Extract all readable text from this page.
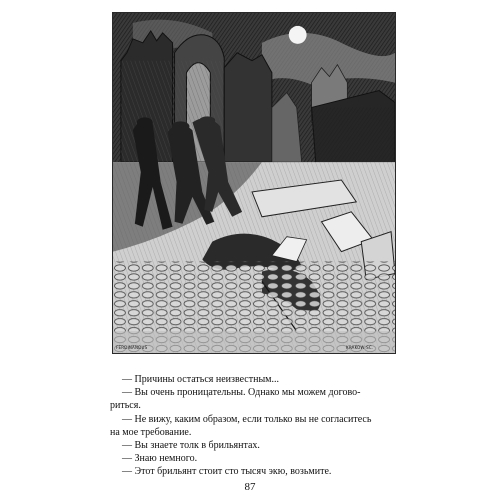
FERDINANDUS	KRAKOW SC.
— Причины остаться неизвестным...
— Вы очень проницательны. Однако мы можем догово-
риться.
— Не вижу, каким образом, если только вы не согласитесь
на мое требование.
— Вы знаете толк в брильянтах.
— Знаю немного.
— Этот брильянт стоит сто тысяч экю, возьмите.
87
